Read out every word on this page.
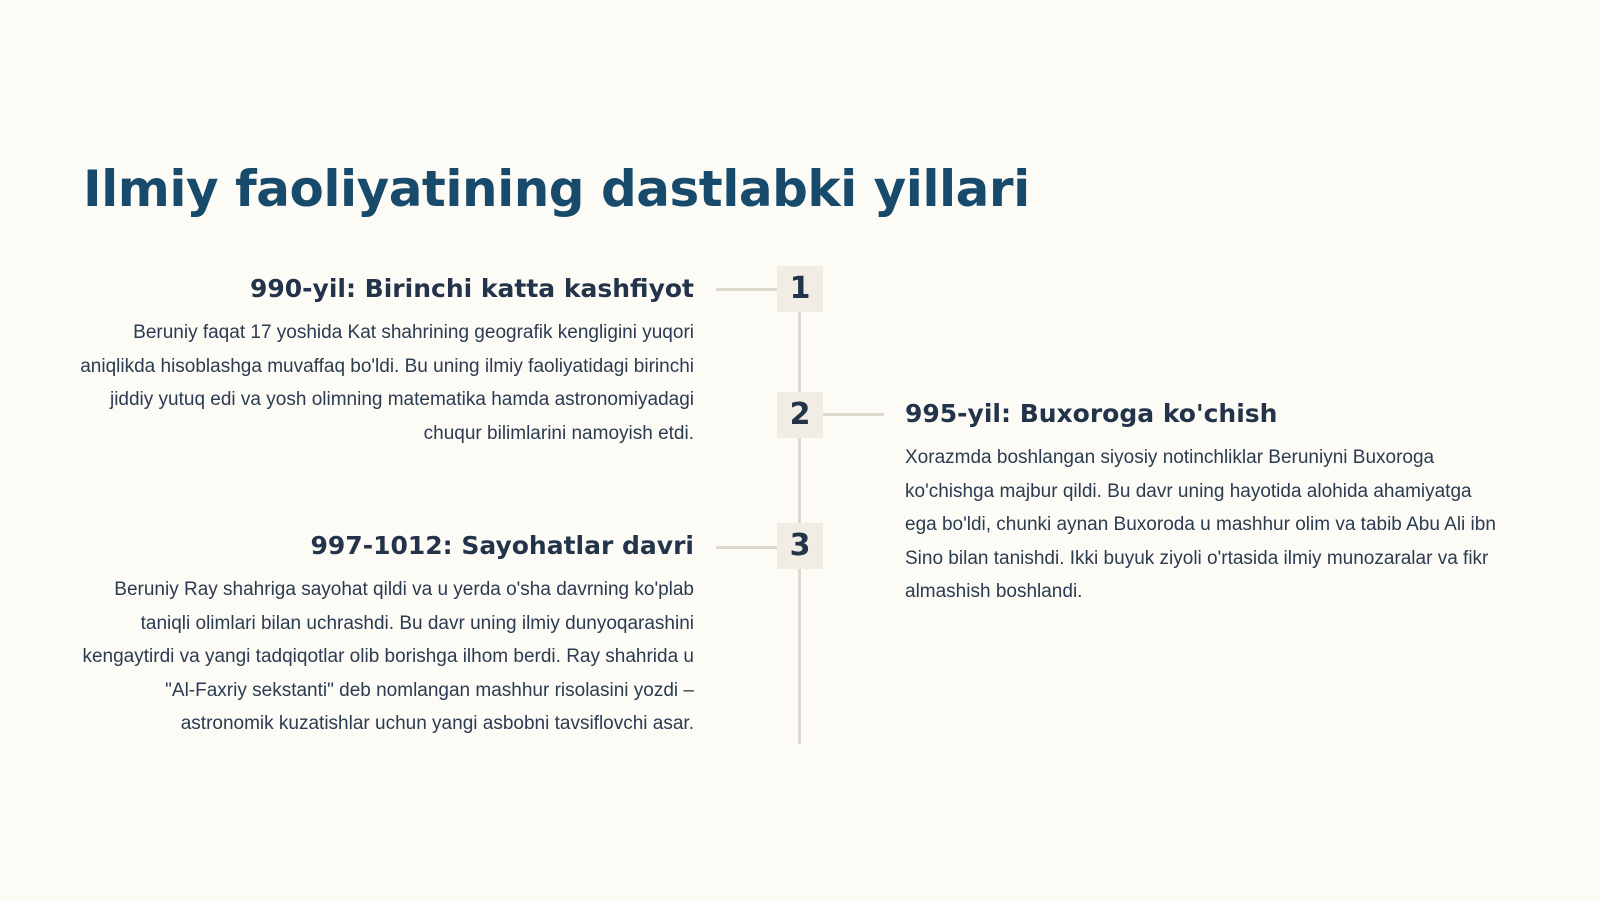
Ilmiy faoliyatining dastlabki yillari
1
990-yil: Birinchi katta kashfiyot

Beruniy faqat 17 yoshida Kat shahrining geografik kengligini yuqori aniqlikda hisoblashga muvaffaq bo'ldi. Bu uning ilmiy faoliyatidagi birinchi jiddiy yutuq edi va yosh olimning matematika hamda astronomiyadagi chuqur bilimlarini namoyish etdi.

2	995-yil: Buxoroga ko'chish

Xorazmda boshlangan siyosiy notinchliklar Beruniyni Buxoroga ko'chishga majbur qildi. Bu davr uning hayotida alohida ahamiyatga ega bo'ldi, chunki aynan Buxoroda u mashhur olim va tabib Abu Ali ibn Sino bilan tanishdi. Ikki buyuk ziyoli o'rtasida ilmiy munozaralar va fikr almashish boshlandi.

3
997-1012: Sayohatlar davri

Beruniy Ray shahriga sayohat qildi va u yerda o'sha davrning ko'plab taniqli olimlari bilan uchrashdi. Bu davr uning ilmiy dunyoqarashini kengaytirdi va yangi tadqiqotlar olib borishga ilhom berdi. Ray shahrida u "Al-Faxriy sekstanti" deb nomlangan mashhur risolasini yozdi – astronomik kuzatishlar uchun yangi asbobni tavsiflovchi asar.
